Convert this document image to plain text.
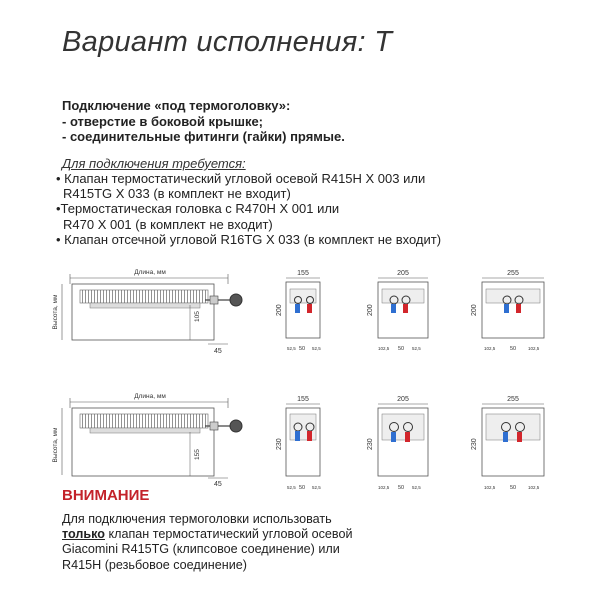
Вариант исполнения: Т
Подключение «под термоголовку»:
- отверстие в боковой крышке;
- соединительные фитинги (гайки) прямые.
Для подключения требуется:
• Клапан термостатический угловой осевой R415H X 003 или
R415TG X 033 (в комплект не входит)
•Термостатическая головка с R470H X 001 или
R470 X 001 (в комплект не входит)
• Клапан отсечной угловой R16TG X 033 (в комплект не входит)
Длина, мм
Высота, мм	105
45
155
200
52,5 50 52,5
205
200
102,5 50 52,5
255
200
102,5	50	102,5
Длина, мм
Высота, мм	155
45
155
230
52,5 50 52,5
205
230
102,5 50 52,5
255
230
102,5	50	102,5
ВНИМАНИЕ
Для подключения термоголовки использовать
только клапан термостатический угловой осевой
Giacomini R415TG (клипсовое соединение) или
R415H (резьбовое соединение)
